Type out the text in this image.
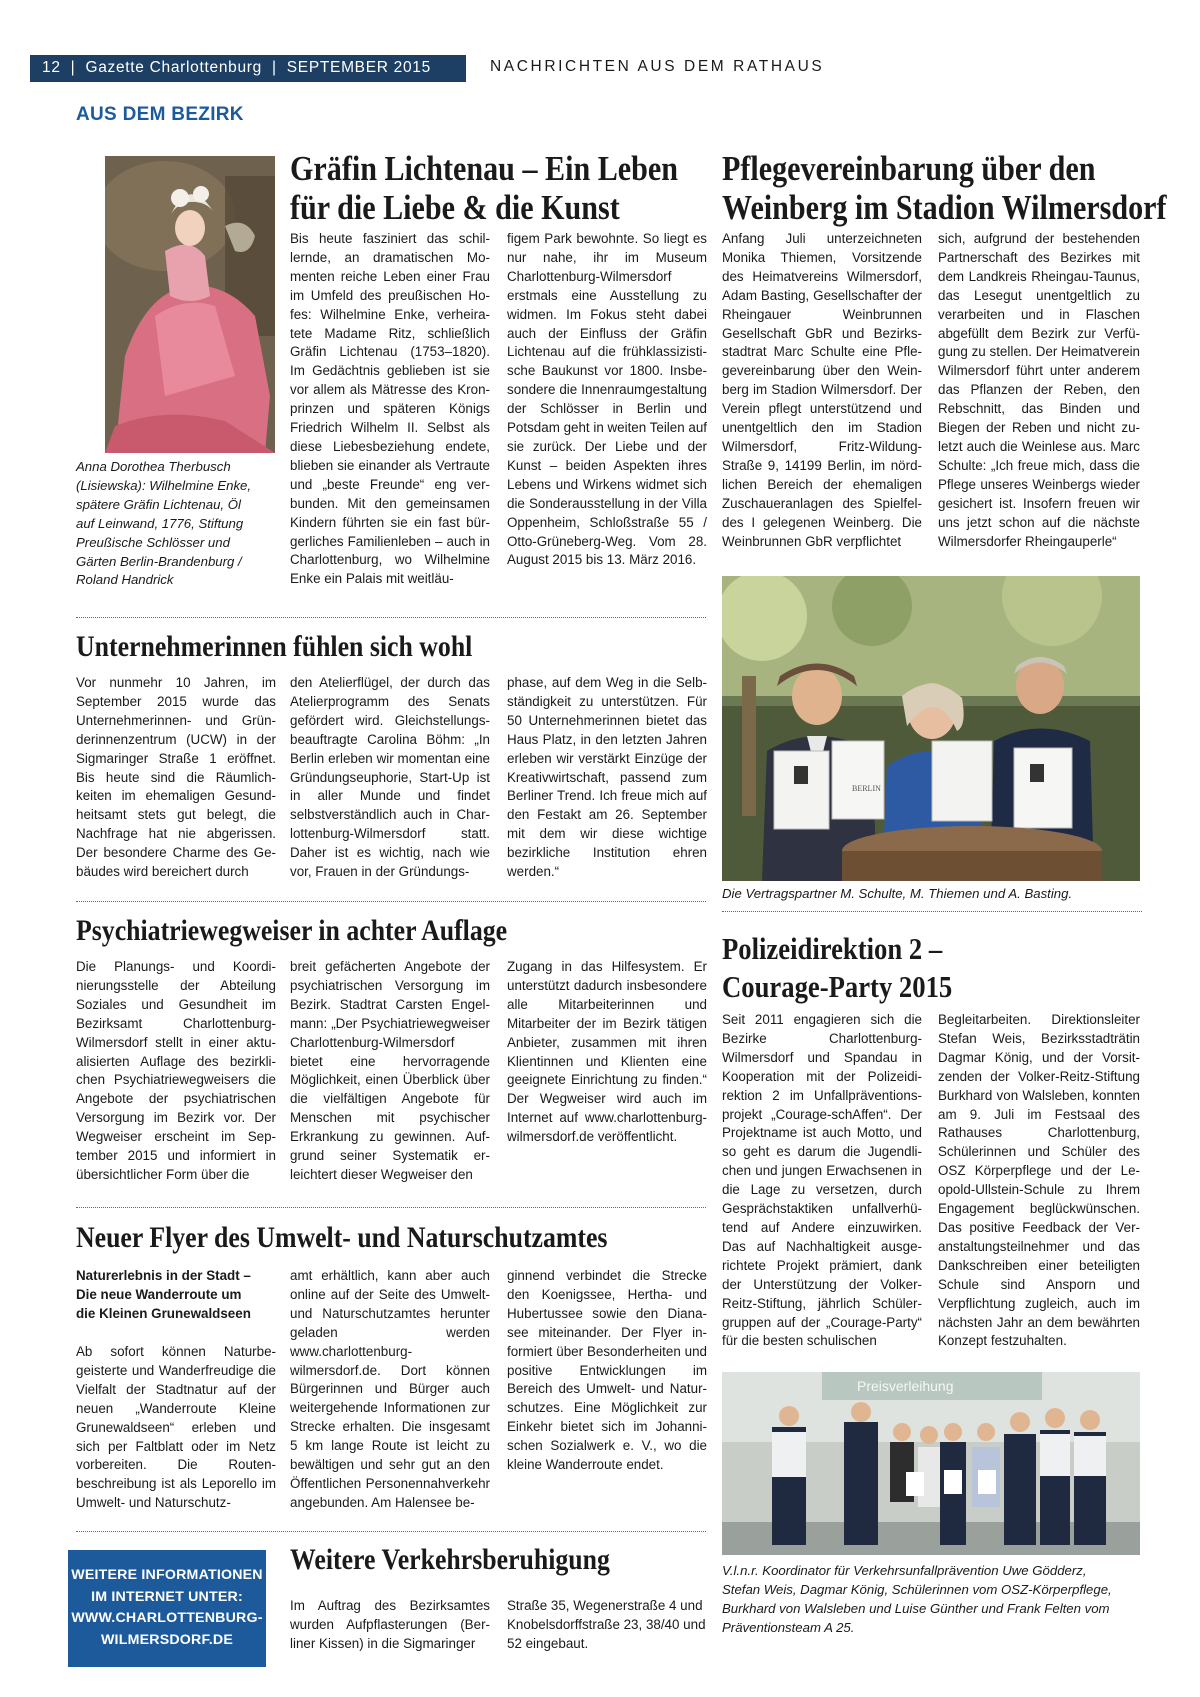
12  |  Gazette Charlottenburg  |  SEPTEMBER 2015	NACHRICHTEN AUS DEM RATHAUS
AUS DEM BEZIRK
Anna Dorothea Therbusch
(Lisiewska): Wilhelmine Enke,
spätere Gräfin Lichtenau, Öl
auf Leinwand, 1776, Stiftung
Preußische Schlösser und
Gärten Berlin-Brandenburg /
Roland Handrick
Gräfin Lichtenau – Ein Leben
für die Liebe & die Kunst
Bis heute fasziniert das schillernde, an dramatischen Momenten reiche Leben einer Frau im Umfeld des preußischen Hofes: Wilhelmine Enke, verheiratete Madame Ritz, schließlich Gräfin Lichtenau (1753–1820). Im Gedächtnis geblieben ist sie vor allem als Mätresse des Kronprinzen und späteren Königs Friedrich Wilhelm II. Selbst als diese Liebesbeziehung endete, blieben sie einander als Vertraute und „beste Freunde“ eng verbunden. Mit den gemeinsamen Kindern führten sie ein fast bürgerliches Familienleben – auch in Charlottenburg, wo Wilhelmine Enke ein Palais mit weitläu-
figem Park bewohnte. So liegt es nur nahe, ihr im Museum Charlottenburg-Wilmersdorf erstmals eine Ausstellung zu widmen. Im Fokus steht dabei auch der Einfluss der Gräfin Lichtenau auf die frühklassizistische Baukunst vor 1800. Insbesondere die Innenraumgestaltung der Schlösser in Berlin und Potsdam geht in weiten Teilen auf sie zurück. Der Liebe und der Kunst – beiden Aspekten ihres Lebens und Wirkens widmet sich die Sonderausstellung in der Villa Oppenheim, Schloßstraße 55 / Otto-Grüneberg-Weg. Vom 28. August 2015 bis 13. März 2016.
Pflegevereinbarung über den
Weinberg im Stadion Wilmersdorf
Anfang Juli unterzeichneten Monika Thiemen, Vorsitzende des Heimatvereins Wilmersdorf, Adam Basting, Gesellschafter der Rheingauer Weinbrunnen Gesellschaft GbR und Bezirksstadtrat Marc Schulte eine Pflegevereinbarung über den Weinberg im Stadion Wilmersdorf. Der Verein pflegt unterstützend und unentgeltlich den im Stadion Wilmersdorf, Fritz-Wildung-Straße 9, 14199 Berlin, im nördlichen Bereich der ehemaligen Zuschaueranlagen des Spielfeldes I gelegenen Weinberg. Die Weinbrunnen GbR verpflichtet
sich, aufgrund der bestehenden Partnerschaft des Bezirkes mit dem Landkreis Rheingau-Taunus, das Lesegut unentgeltlich zu verarbeiten und in Flaschen abgefüllt dem Bezirk zur Verfügung zu stellen. Der Heimatverein Wilmersdorf führt unter anderem das Pflanzen der Reben, den Rebschnitt, das Binden und Biegen der Reben und nicht zuletzt auch die Weinlese aus. Marc Schulte: „Ich freue mich, dass die Pflege unseres Weinbergs wieder gesichert ist. Insofern freuen wir uns jetzt schon auf die nächste Wilmersdorfer Rheingauperle“
BERLIN
Die Vertragspartner M. Schulte, M. Thiemen und A. Basting.
Unternehmerinnen fühlen sich wohl
Vor nunmehr 10 Jahren, im September 2015 wurde das Unternehmerinnen- und Gründerinnenzentrum (UCW) in der Sigmaringer Straße 1 eröffnet. Bis heute sind die Räumlichkeiten im ehemaligen Gesundheitsamt stets gut belegt, die Nachfrage hat nie abgerissen. Der besondere Charme des Gebäudes wird bereichert durch
den Atelierflügel, der durch das Atelierprogramm des Senats gefördert wird. Gleichstellungsbeauftragte Carolina Böhm: „In Berlin erleben wir momentan eine Gründungseuphorie, Start-Up ist in aller Munde und findet selbstverständlich auch in Charlottenburg-Wilmersdorf statt. Daher ist es wichtig, nach wie vor, Frauen in der Gründungs-
phase, auf dem Weg in die Selbständigkeit zu unterstützen. Für 50 Unternehmerinnen bietet das Haus Platz, in den letzten Jahren erleben wir verstärkt Einzüge der Kreativwirtschaft, passend zum Berliner Trend. Ich freue mich auf den Festakt am 26. September mit dem wir diese wichtige bezirkliche Institution ehren werden.“
Psychiatriewegweiser in achter Auflage
Die Planungs- und Koordinierungsstelle der Abteilung Soziales und Gesundheit im Bezirksamt Charlottenburg-Wilmersdorf stellt in einer aktualisierten Auflage des bezirklichen Psychiatriewegweisers die Angebote der psychiatrischen Versorgung im Bezirk vor. Der Wegweiser erscheint im September 2015 und informiert in übersichtlicher Form über die
breit gefächerten Angebote der psychiatrischen Versorgung im Bezirk. Stadtrat Carsten Engelmann: „Der Psychiatriewegweiser Charlottenburg-Wilmersdorf bietet eine hervorragende Möglichkeit, einen Überblick über die vielfältigen Angebote für Menschen mit psychischer Erkrankung zu gewinnen. Aufgrund seiner Systematik erleichtert dieser Wegweiser den
Zugang in das Hilfesystem. Er unterstützt dadurch insbesondere alle Mitarbeiterinnen und Mitarbeiter der im Bezirk tätigen Anbieter, zusammen mit ihren Klientinnen und Klienten eine geeignete Einrichtung zu finden.“ Der Wegweiser wird auch im Internet auf www.charlottenburg-wilmersdorf.de veröffentlicht.
Polizeidirektion 2 –
Courage-Party 2015
Seit 2011 engagieren sich die Bezirke Charlottenburg-Wilmersdorf und Spandau in Kooperation mit der Polizeidirektion 2 im Unfallpräventionsprojekt „Courage-schAffen“. Der Projektname ist auch Motto, und so geht es darum die Jugendlichen und jungen Erwachsenen in die Lage zu versetzen, durch Gesprächstaktiken unfallverhütend auf Andere einzuwirken. Das auf Nachhaltigkeit ausgerichtete Projekt prämiert, dank der Unterstützung der Volker-Reitz-Stiftung, jährlich Schülergruppen auf der „Courage-Party“ für die besten schulischen
Begleitarbeiten. Direktionsleiter Stefan Weis, Bezirksstadträtin Dagmar König, und der Vorsitzenden der Volker-Reitz-Stiftung Burkhard von Walsleben, konnten am 9. Juli im Festsaal des Rathauses Charlottenburg, Schülerinnen und Schüler des OSZ Körperpflege und der Leopold-Ullstein-Schule zu Ihrem Engagement beglückwünschen. Das positive Feedback der Veranstaltungsteilnehmer und das Dankschreiben einer beteiligten Schule sind Ansporn und Verpflichtung zugleich, auch im nächsten Jahr an dem bewährten Konzept festzuhalten.
Preisverleihung
V.l.n.r. Koordinator für Verkehrsunfallprävention Uwe Gödderz,
Stefan Weis, Dagmar König, Schülerinnen vom OSZ-Körperpflege,
Burkhard von Walsleben und Luise Günther und Frank Felten vom
Präventionsteam A 25.
Neuer Flyer des Umwelt- und Naturschutzamtes
Naturerlebnis in der Stadt –
Die neue Wanderroute um
die Kleinen Grunewaldseen
Ab sofort können Naturbegeisterte und Wanderfreudige die Vielfalt der Stadtnatur auf der neuen „Wanderroute Kleine Grunewaldseen“ erleben und sich per Faltblatt oder im Netz vorbereiten. Die Routenbeschreibung ist als Leporello im Umwelt- und Naturschutz-
amt erhältlich, kann aber auch online auf der Seite des Umwelt- und Naturschutzamtes herunter geladen werden www.charlottenburg-wilmersdorf.de. Dort können Bürgerinnen und Bürger auch weitergehende Informationen zur Strecke erhalten. Die insgesamt 5 km lange Route ist leicht zu bewältigen und sehr gut an den Öffentlichen Personennahverkehr angebunden. Am Halensee be-
ginnend verbindet die Strecke den Koenigssee, Hertha- und Hubertussee sowie den Dianasee miteinander. Der Flyer informiert über Besonderheiten und positive Entwicklungen im Bereich des Umwelt- und Naturschutzes. Eine Möglichkeit zur Einkehr bietet sich im Johannischen Sozialwerk e. V., wo die kleine Wanderroute endet.
WEITERE INFORMATIONEN
IM INTERNET UNTER:
WWW.CHARLOTTENBURG-
WILMERSDORF.DE
Weitere Verkehrsberuhigung
Im Auftrag des Bezirksamtes wurden Aufpflasterungen (Berliner Kissen) in die Sigmaringer
Straße 35, Wegenerstraße 4 und Knobelsdorffstraße 23, 38/40 und 52 eingebaut.
